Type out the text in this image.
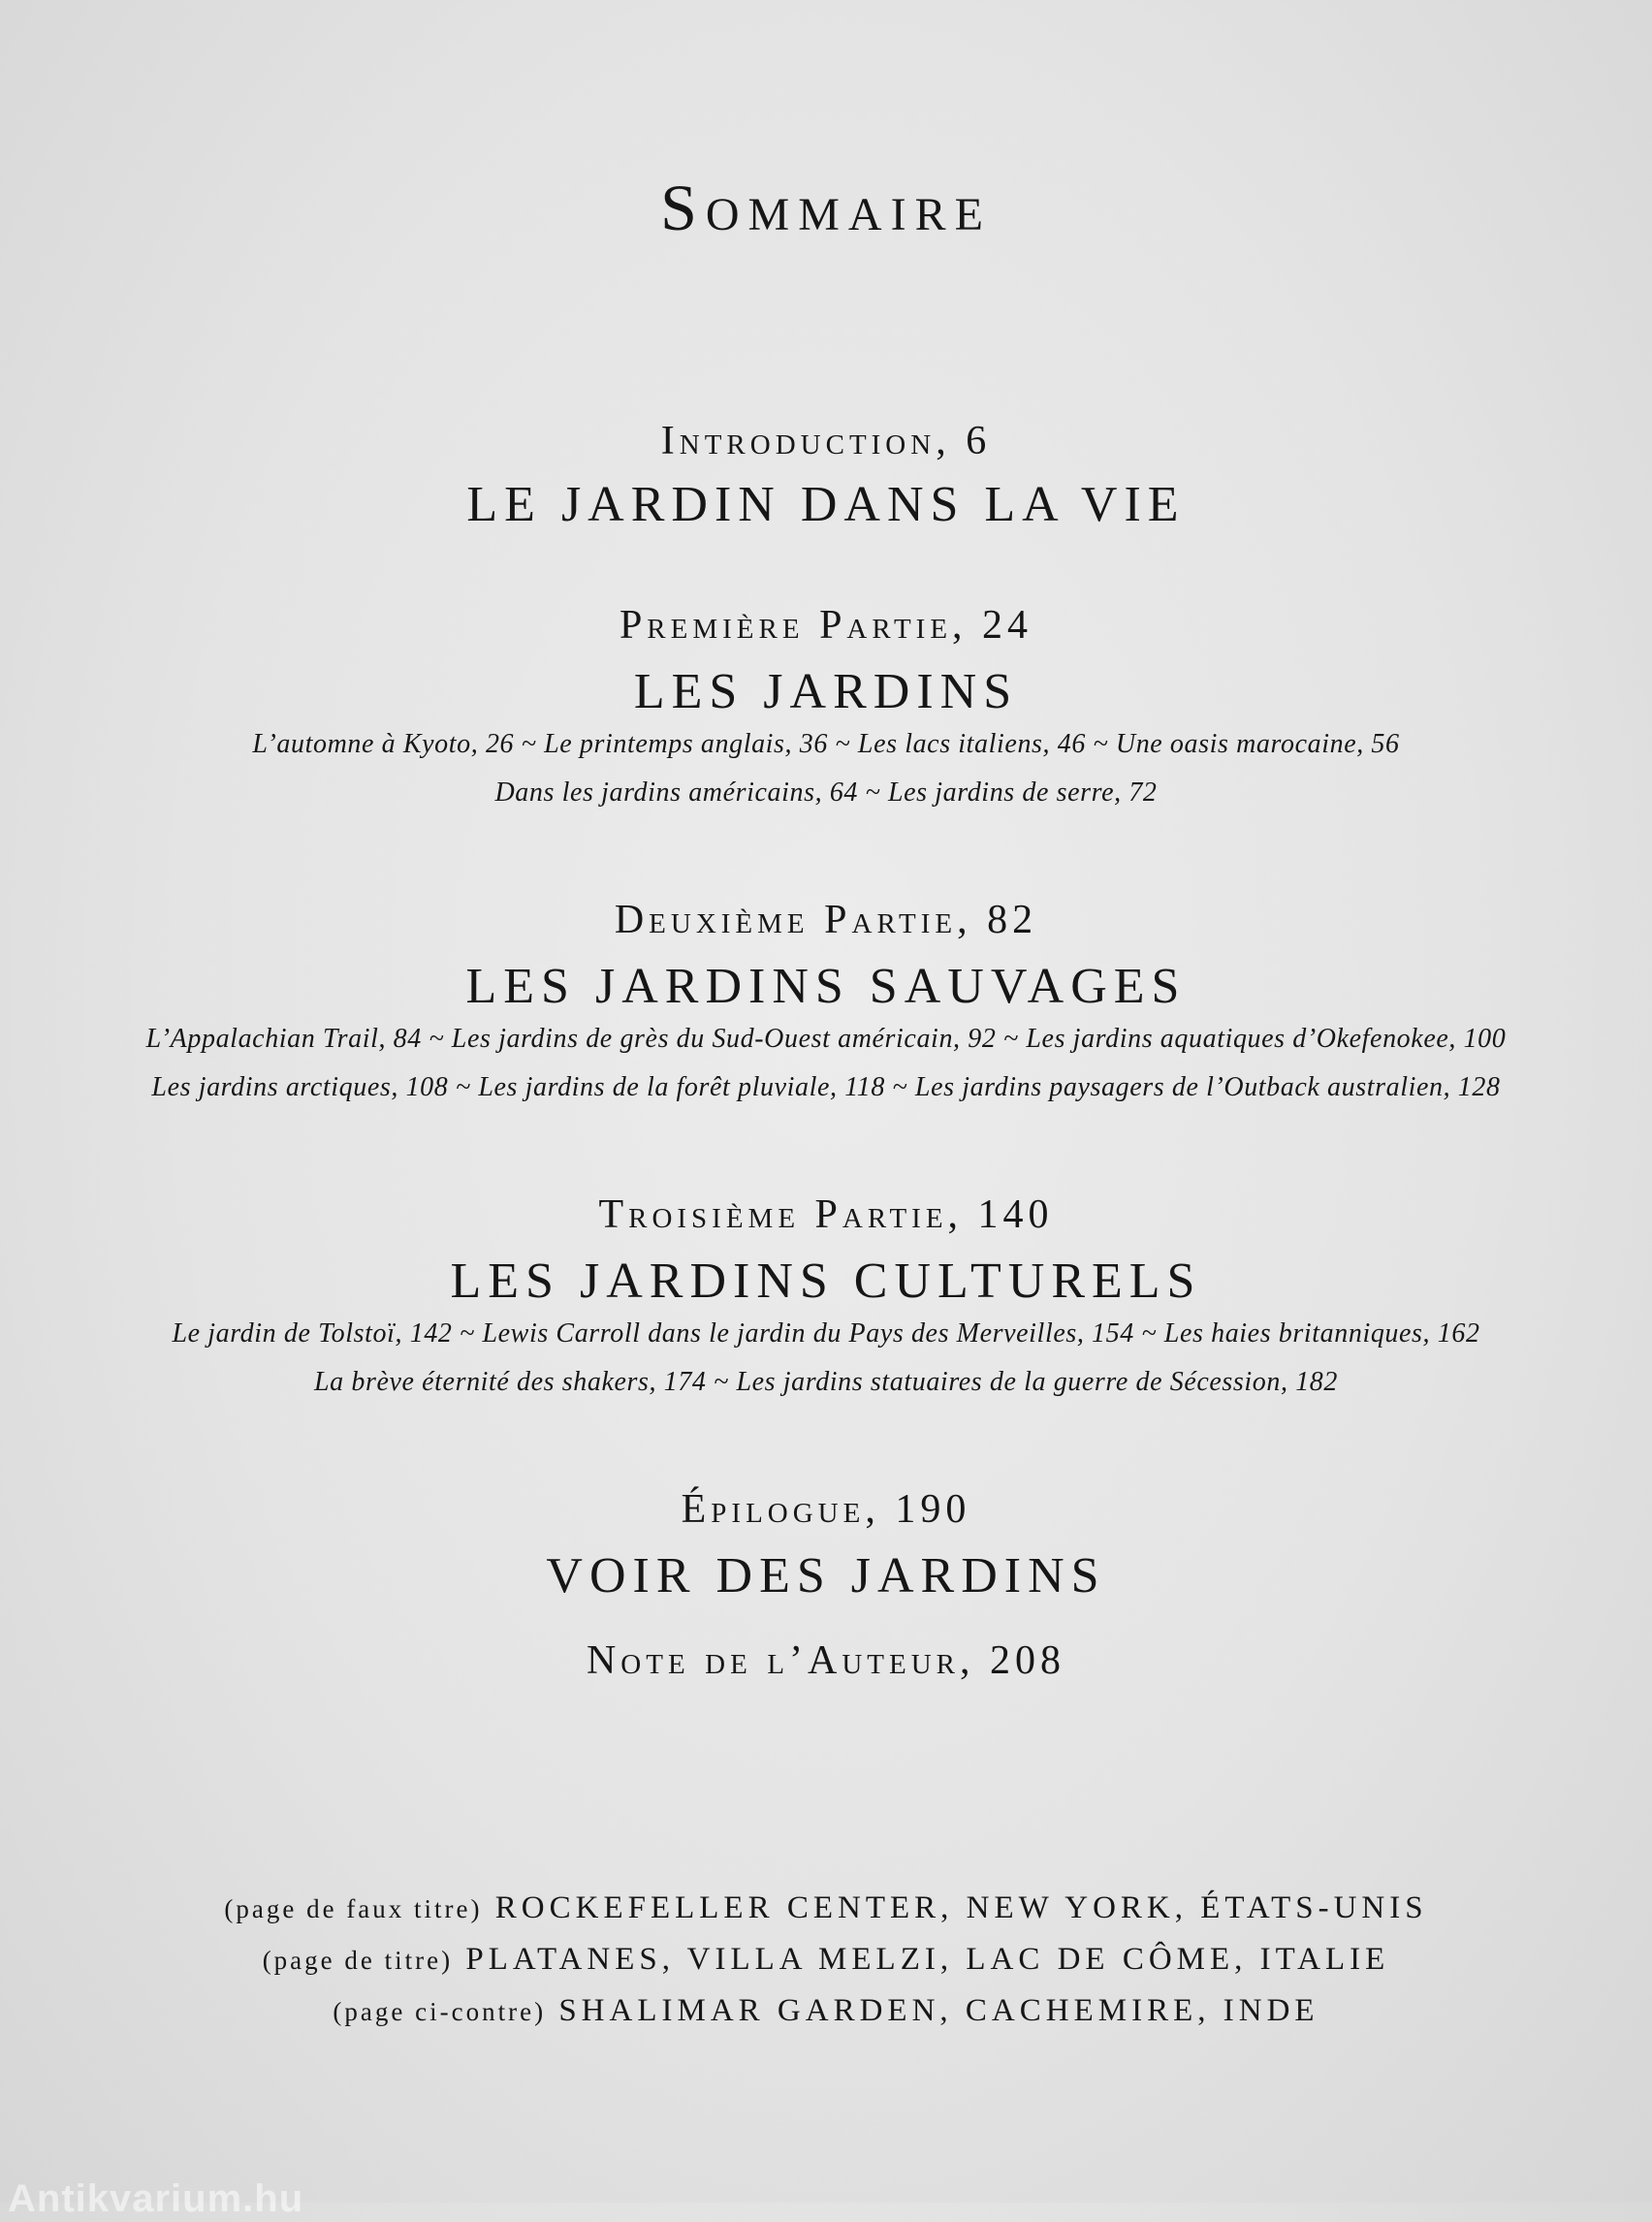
Sommaire
Introduction, 6
LE JARDIN DANS LA VIE
Première Partie, 24
LES JARDINS
L’automne à Kyoto, 26 ~ Le printemps anglais, 36 ~ Les lacs italiens, 46 ~ Une oasis marocaine, 56
Dans les jardins américains, 64 ~ Les jardins de serre, 72
Deuxième Partie, 82
LES JARDINS SAUVAGES
L’Appalachian Trail, 84 ~ Les jardins de grès du Sud-Ouest américain, 92 ~ Les jardins aquatiques d’Okefenokee, 100
Les jardins arctiques, 108 ~ Les jardins de la forêt pluviale, 118 ~ Les jardins paysagers de l’Outback australien, 128
Troisième Partie, 140
LES JARDINS CULTURELS
Le jardin de Tolstoï, 142 ~ Lewis Carroll dans le jardin du Pays des Merveilles, 154 ~ Les haies britanniques, 162
La brève éternité des shakers, 174 ~ Les jardins statuaires de la guerre de Sécession, 182
Épilogue, 190
VOIR DES JARDINS
Note de l’Auteur, 208
(page de faux titre) ROCKEFELLER CENTER, NEW YORK, ÉTATS-UNIS
(page de titre) PLATANES, VILLA MELZI, LAC DE CÔME, ITALIE
(page ci-contre) SHALIMAR GARDEN, CACHEMIRE, INDE
Antikvarium.hu
